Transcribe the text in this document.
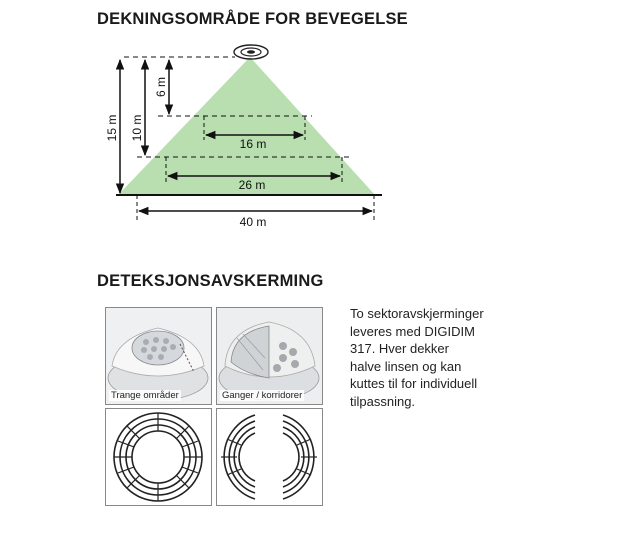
DEKNINGSOMRÅDE FOR BEVEGELSE
15 m 10 m
6 m
16 m
26 m
40 m
DETEKSJONSAVSKERMING
Trange områder	Ganger / korridorer
To sektoravskjerminger
leveres med DIGIDIM
317. Hver dekker
halve linsen og kan
kuttes til for individuell
tilpassning.
